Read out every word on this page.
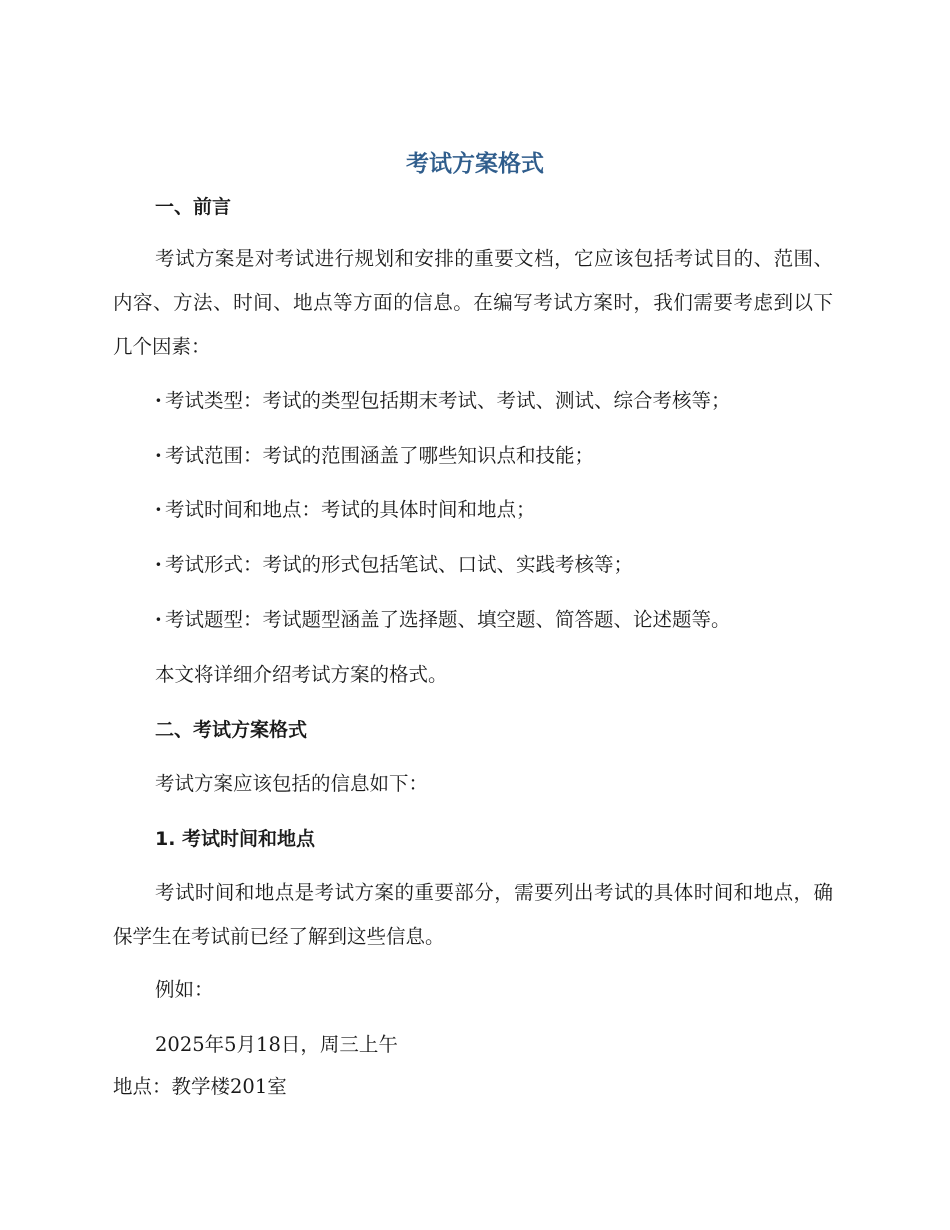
考试方案格式
一、前言
考试方案是对考试进行规划和安排的重要文档，它应该包括考试目的、范围、内容、方法、时间、地点等方面的信息。在编写考试方案时，我们需要考虑到以下几个因素：
· 考试类型：考试的类型包括期末考试、考试、测试、综合考核等；
· 考试范围：考试的范围涵盖了哪些知识点和技能；
· 考试时间和地点：考试的具体时间和地点；
· 考试形式：考试的形式包括笔试、口试、实践考核等；
· 考试题型：考试题型涵盖了选择题、填空题、简答题、论述题等。
本文将详细介绍考试方案的格式。
二、考试方案格式
考试方案应该包括的信息如下：
1. 考试时间和地点
考试时间和地点是考试方案的重要部分，需要列出考试的具体时间和地点，确保学生在考试前已经了解到这些信息。
例如：
2025年5月18日，周三上午
地点：教学楼201室
